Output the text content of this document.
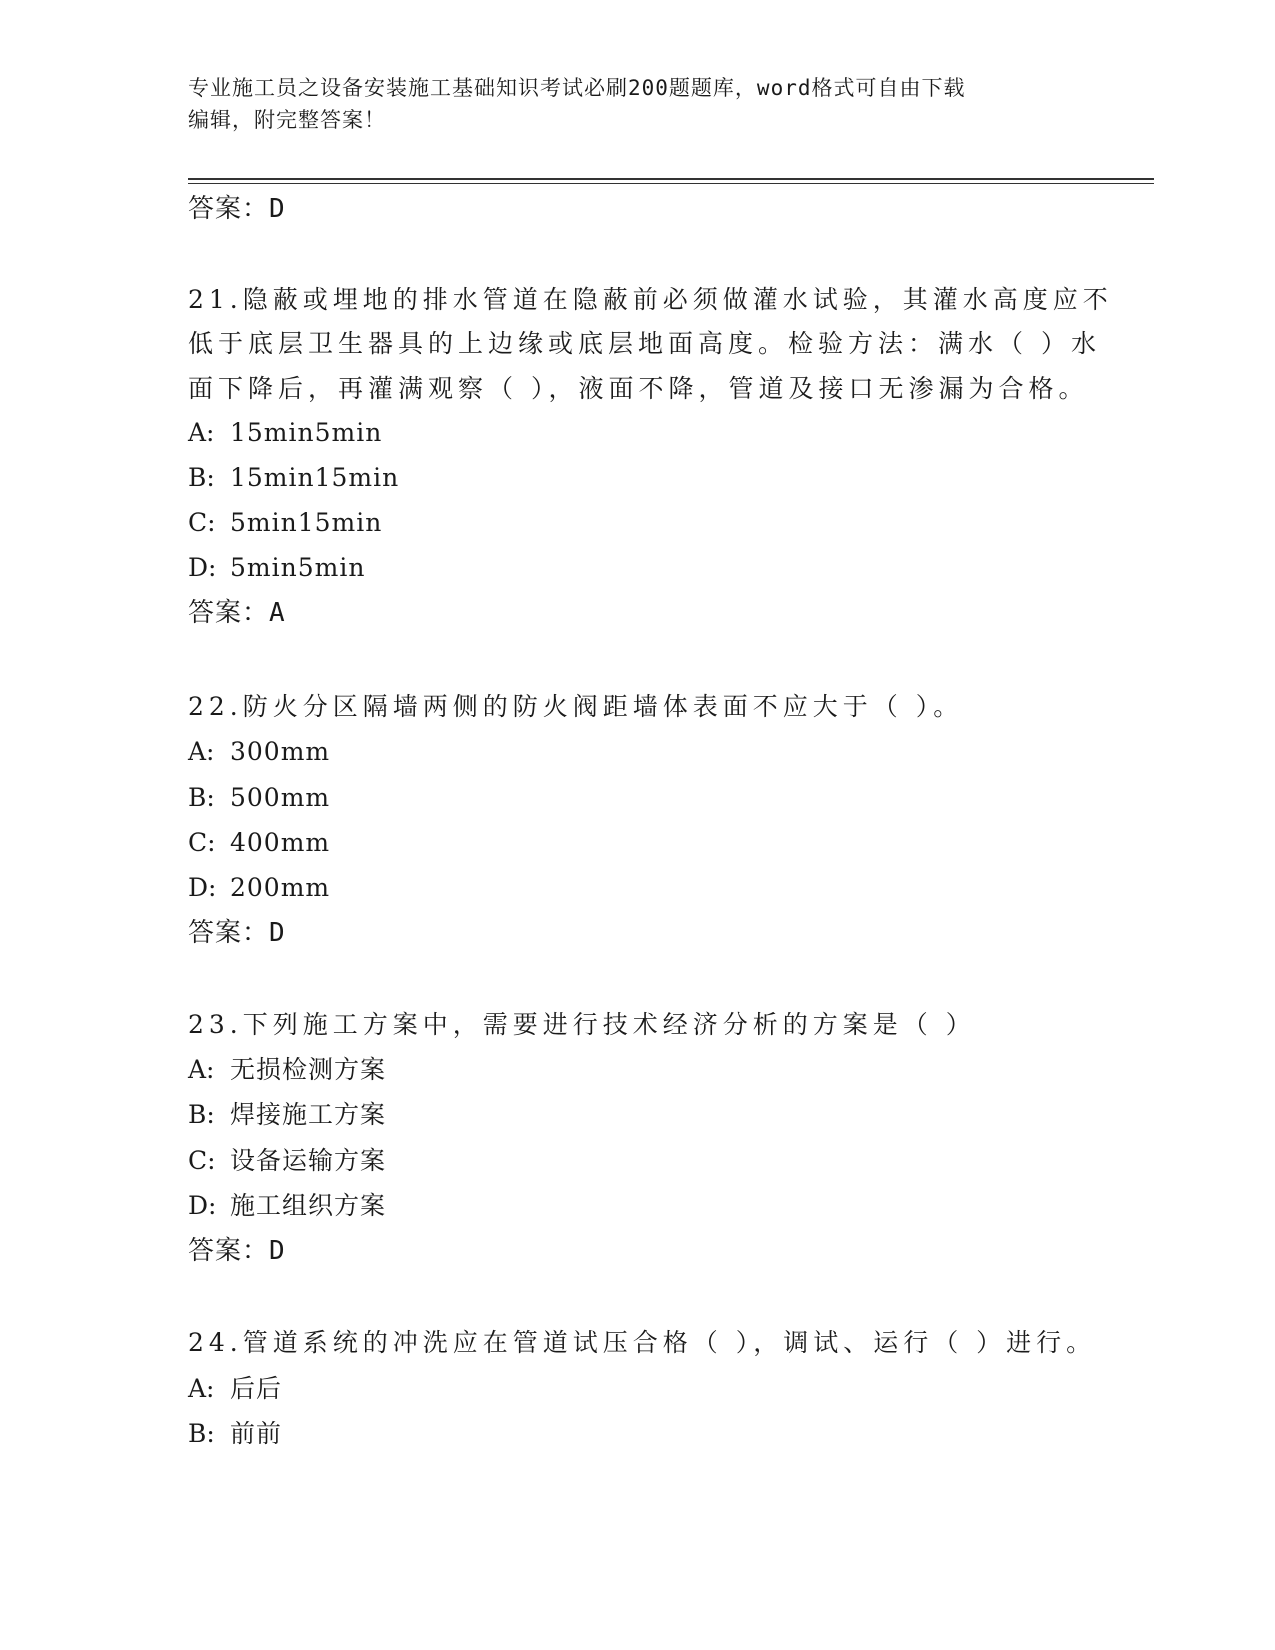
专业施工员之设备安装施工基础知识考试必刷200题题库，word格式可自由下载
编辑，附完整答案！
答案：D
21.隐蔽或埋地的排水管道在隐蔽前必须做灌水试验，其灌水高度应不
低于底层卫生器具的上边缘或底层地面高度。检验方法：满水（ ）水
面下降后，再灌满观察（ ），液面不降，管道及接口无渗漏为合格。
A: 15min5min
B: 15min15min
C: 5min15min
D: 5min5min
答案：A
22.防火分区隔墙两侧的防火阀距墙体表面不应大于（ ）。
A: 300mm
B: 500mm
C: 400mm
D: 200mm
答案：D
23.下列施工方案中，需要进行技术经济分析的方案是（ ）
A: 无损检测方案
B: 焊接施工方案
C: 设备运输方案
D: 施工组织方案
答案：D
24.管道系统的冲洗应在管道试压合格（ ），调试、运行（ ）进行。
A: 后后
B: 前前
